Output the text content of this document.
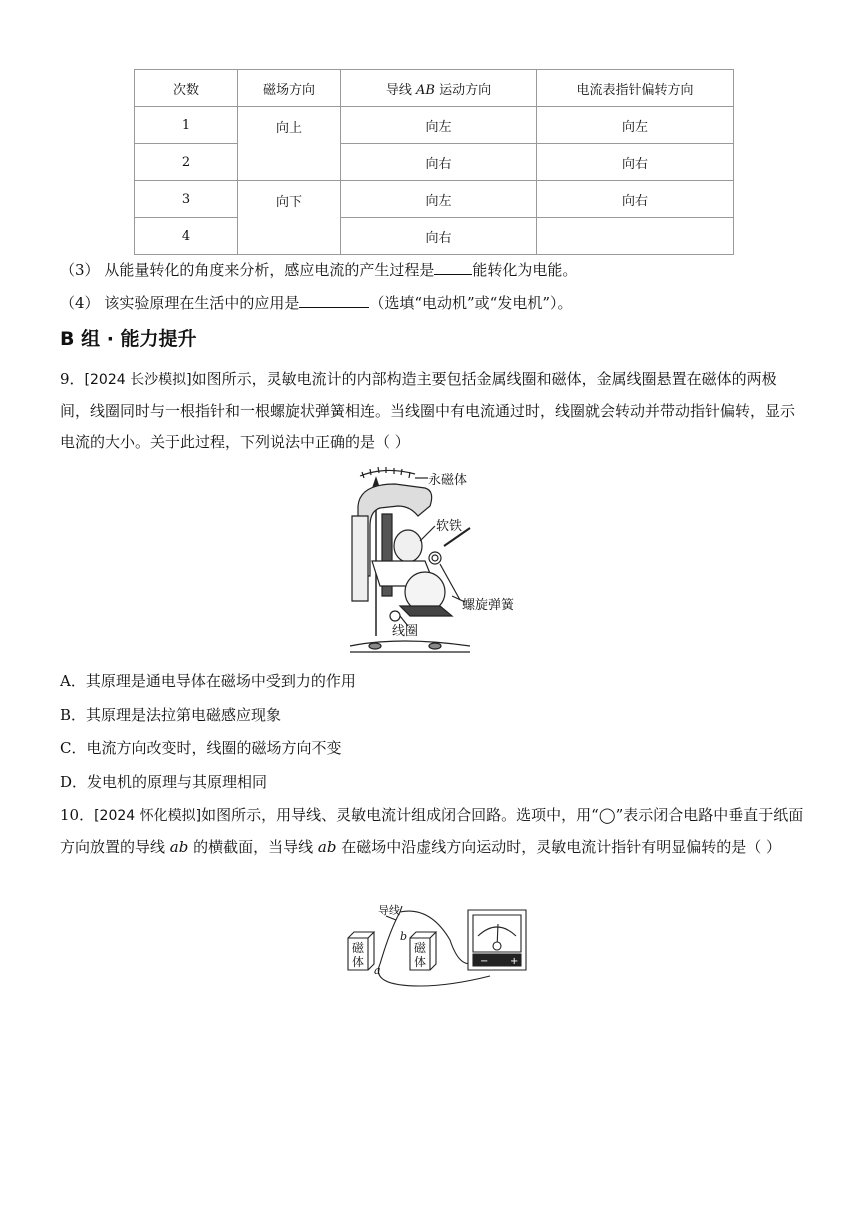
次数	磁场方向	导线 AB 运动方向	电流表指针偏转方向
1	向上	向左	向左
2		向右	向右
3	向下	向左	向右
4		向右	
（3） 从能量转化的角度来分析，感应电流的产生过程是	能转化为电能。
（4） 该实验原理在生活中的应用是	（选填“电动机”或“发电机”）。
B 组 · 能力提升
9．[2024 长沙模拟]如图所示，灵敏电流计的内部构造主要包括金属线圈和磁体，金属线圈悬置在磁体的两极间，线圈同时与一根指针和一根螺旋状弹簧相连。当线圈中有电流通过时，线圈就会转动并带动指针偏转，显示电流的大小。关于此过程，下列说法中正确的是（ ）
永磁体
软铁
螺旋弹簧
线圈
A．其原理是通电导体在磁场中受到力的作用
B．其原理是法拉第电磁感应现象
C．电流方向改变时，线圈的磁场方向不变
D．发电机的原理与其原理相同
10．[2024 怀化模拟]如图所示，用导线、灵敏电流计组成闭合回路。选项中，用“◯”表示闭合电路中垂直于纸面方向放置的导线 ab 的横截面，当导线 ab 在磁场中沿虚线方向运动时，灵敏电流计指针有明显偏转的是（ ）
导线
磁
体
磁
体
a
b
− +
